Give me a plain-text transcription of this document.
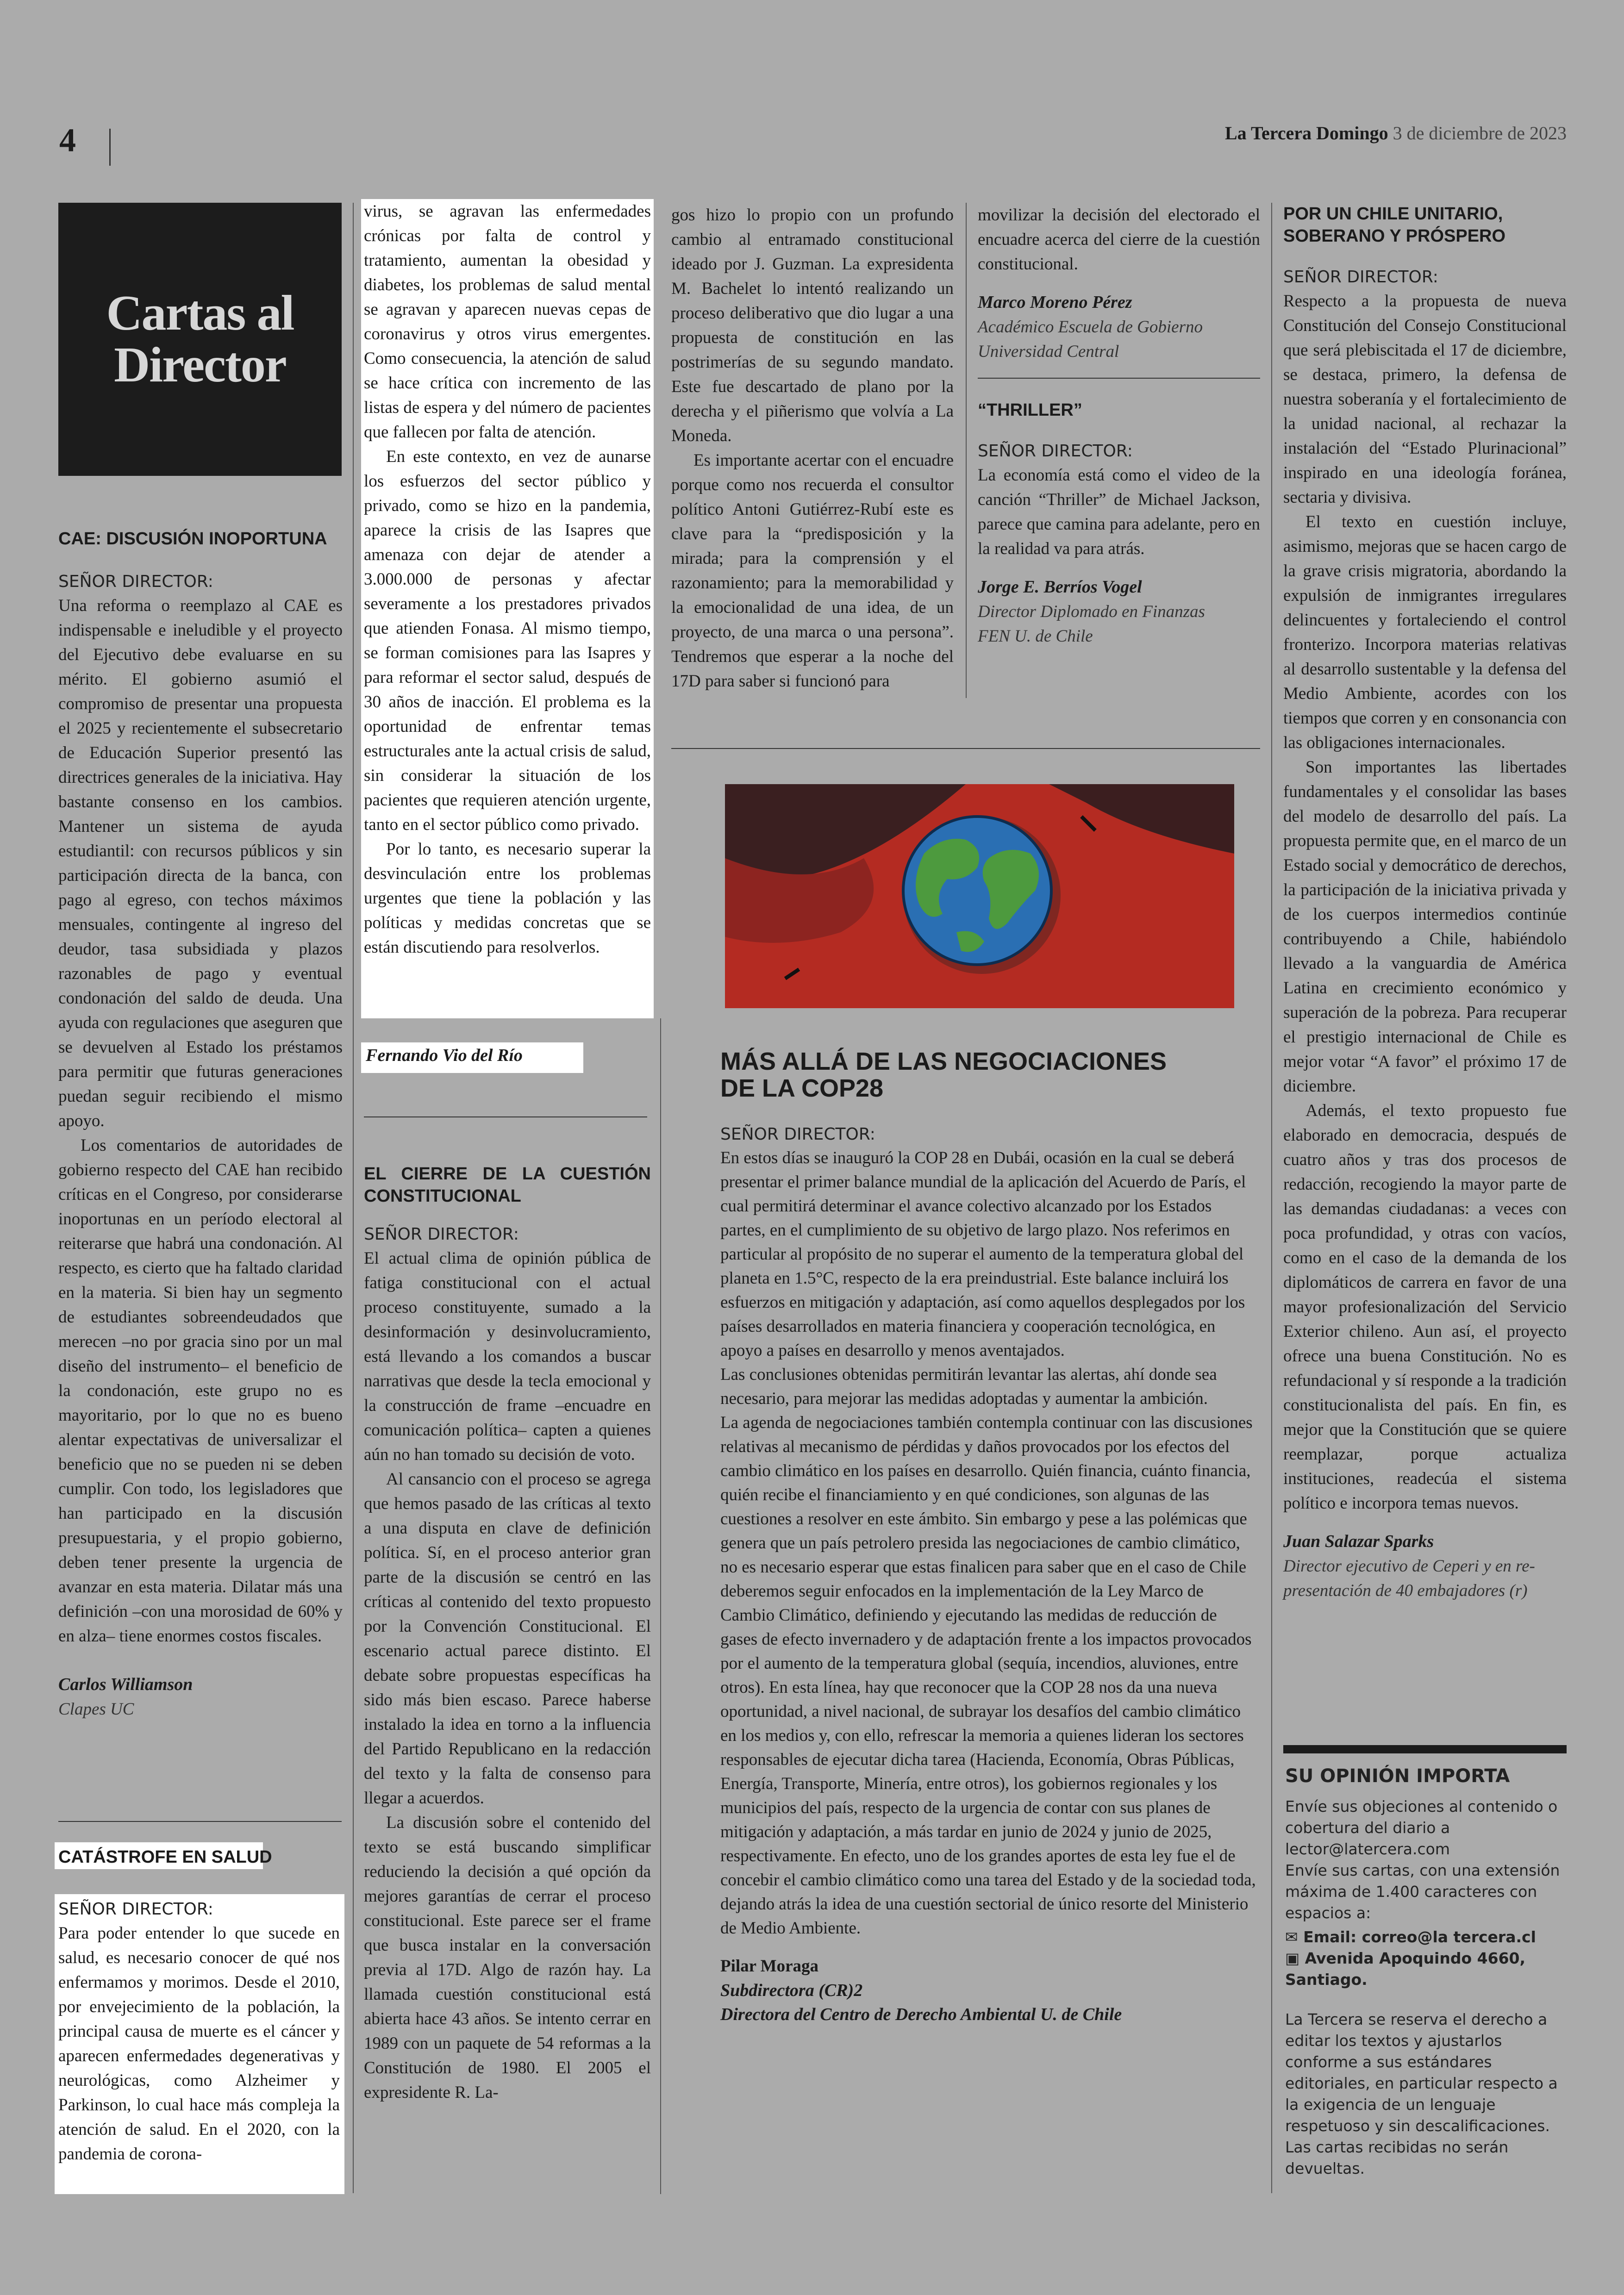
4	La Tercera Domingo 3 de diciembre de 2023
Cartas al
Director
CAE: DISCUSIÓN INOPORTUNA
SEÑOR DIRECTOR:

Una reforma o reemplazo al CAE es indispensable e ineludible y el proyecto del Ejecutivo debe evaluarse en su mérito. El gobierno asumió el compromiso de presentar una propuesta el 2025 y recientemente el subsecretario de Educación Superior presentó las directrices generales de la iniciativa. Hay bastante consenso en los cambios. Mantener un sistema de ayuda estudiantil: con recursos públicos y sin participación directa de la banca, con pago al egreso, con techos máximos mensuales, contingente al ingreso del deudor, tasa subsidiada y plazos razonables de pago y eventual condonación del saldo de deuda. Una ayuda con regulaciones que aseguren que se devuelven al Estado los préstamos para permitir que futuras generaciones puedan seguir recibiendo el mismo apoyo.

Los comentarios de autoridades de gobierno respecto del CAE han recibido críticas en el Congreso, por considerarse inoportunas en un período electoral al reiterarse que habrá una condonación. Al respecto, es cierto que ha faltado claridad en la materia. Si bien hay un segmento de estudiantes sobreendeudados que merecen –no por gracia sino por un mal diseño del instrumento– el beneficio de la condonación, este grupo no es mayoritario, por lo que no es bueno alentar expectativas de universalizar el beneficio que no se pueden ni se deben cumplir. Con todo, los legisladores que han participado en la discusión presupuestaria, y el propio gobierno, deben tener presente la urgencia de avanzar en esta materia. Dilatar más una definición –con una morosidad de 60% y en alza– tiene enormes costos fiscales.

Carlos Williamson
Clapes UC
CATÁSTROFE EN SALUD
SEÑOR DIRECTOR:

Para poder entender lo que sucede en salud, es necesario conocer de qué nos enfermamos y morimos. Desde el 2010, por envejecimiento de la población, la principal causa de muerte es el cáncer y aparecen enfermedades degenerativas y neurológicas, como Alzheimer y Parkinson, lo cual hace más compleja la atención de salud. En el 2020, con la pandemia de corona-

virus, se agravan las enfermedades crónicas por falta de control y tratamiento, aumentan la obesidad y diabetes, los problemas de salud mental se agravan y aparecen nuevas cepas de coronavirus y otros virus emergentes. Como consecuencia, la atención de salud se hace crítica con incremento de las listas de espera y del número de pacientes que fallecen por falta de atención.

En este contexto, en vez de aunarse los esfuerzos del sector público y privado, como se hizo en la pandemia, aparece la crisis de las Isapres que amenaza con dejar de atender a 3.000.000 de personas y afectar severamente a los prestadores privados que atienden Fonasa. Al mismo tiempo, se forman comisiones para las Isapres y para reformar el sector salud, después de 30 años de inacción. El problema es la oportunidad de enfrentar temas estructurales ante la actual crisis de salud, sin considerar la situación de los pacientes que requieren atención urgente, tanto en el sector público como privado.

Por lo tanto, es necesario superar la desvinculación entre los problemas urgentes que tiene la población y las políticas y medidas concretas que se están discutiendo para resolverlos.

Fernando Vio del Río
EL CIERRE DE LA CUESTIÓN CONSTITUCIONAL
SEÑOR DIRECTOR:

El actual clima de opinión pública de fatiga constitucional con el actual proceso constituyente, sumado a la desinformación y desinvolucramiento, está llevando a los comandos a buscar narrativas que desde la tecla emocional y la construcción de frame –encuadre en comunicación política– capten a quienes aún no han tomado su decisión de voto.

Al cansancio con el proceso se agrega que hemos pasado de las críticas al texto a una disputa en clave de definición política. Sí, en el proceso anterior gran parte de la discusión se centró en las críticas al contenido del texto propuesto por la Convención Constitucional. El escenario actual parece distinto. El debate sobre propuestas específicas ha sido más bien escaso. Parece haberse instalado la idea en torno a la influencia del Partido Republicano en la redacción del texto y la falta de consenso para llegar a acuerdos.

La discusión sobre el contenido del texto se está buscando simplificar reduciendo la decisión a qué opción da mejores garantías de cerrar el proceso constitucional. Este parece ser el frame que busca instalar en la conversación previa al 17D. Algo de razón hay. La llamada cuestión constitucional está abierta hace 43 años. Se intento cerrar en 1989 con un paquete de 54 reformas a la Constitución de 1980. El 2005 el expresidente R. La-

gos hizo lo propio con un profundo cambio al entramado constitucional ideado por J. Guzman. La expresidenta M. Bachelet lo intentó realizando un proceso deliberativo que dio lugar a una propuesta de constitución en las postrimerías de su segundo mandato. Este fue descartado de plano por la derecha y el piñerismo que volvía a La Moneda.

Es importante acertar con el encuadre porque como nos recuerda el consultor político Antoni Gutiérrez-Rubí este es clave para la “predisposición y la mirada; para la comprensión y el razonamiento; para la memorabilidad y la emocionalidad de una idea, de un proyecto, de una marca o una persona”. Tendremos que esperar a la noche del 17D para saber si funcionó para

movilizar la decisión del electorado el encuadre acerca del cierre de la cuestión constitucional.

Marco Moreno Pérez
Académico Escuela de Gobierno
Universidad Central
“THRILLER”
SEÑOR DIRECTOR:

La economía está como el video de la canción “Thriller” de Michael Jackson, parece que camina para adelante, pero en la realidad va para atrás.

Jorge E. Berríos Vogel
Director Diplomado en Finanzas
FEN U. de Chile
MÁS ALLÁ DE LAS NEGOCIACIONES
DE LA COP28
SEÑOR DIRECTOR:

En estos días se inauguró la COP 28 en Dubái, ocasión en la cual se deberá presentar el primer balance mundial de la aplicación del Acuerdo de París, el cual permitirá determinar el avance colectivo alcanzado por los Estados partes, en el cumplimiento de su objetivo de largo plazo. Nos referimos en particular al propósito de no superar el aumento de la temperatura global del planeta en 1.5°C, respecto de la era preindustrial. Este balance incluirá los esfuerzos en mitigación y adaptación, así como aquellos desplegados por los países desarrollados en materia financiera y cooperación tecnológica, en apoyo a países en desarrollo y menos aventajados.

Las conclusiones obtenidas permitirán levantar las alertas, ahí donde sea necesario, para mejorar las medidas adoptadas y aumentar la ambición.

La agenda de negociaciones también contempla continuar con las discusiones relativas al mecanismo de pérdidas y daños provocados por los efectos del cambio climático en los países en desarrollo. Quién financia, cuánto financia, quién recibe el financiamiento y en qué condiciones, son algunas de las cuestiones a resolver en este ámbito. Sin embargo y pese a las polémicas que genera que un país petrolero presida las negociaciones de cambio climático, no es necesario esperar que estas finalicen para saber que en el caso de Chile deberemos seguir enfocados en la implementación de la Ley Marco de Cambio Climático, definiendo y ejecutando las medidas de reducción de gases de efecto invernadero y de adaptación frente a los impactos provocados por el aumento de la temperatura global (sequía, incendios, aluviones, entre otros). En esta línea, hay que reconocer que la COP 28 nos da una nueva oportunidad, a nivel nacional, de subrayar los desafíos del cambio climático en los medios y, con ello, refrescar la memoria a quienes lideran los sectores responsables de ejecutar dicha tarea (Hacienda, Economía, Obras Públicas, Energía, Transporte, Minería, entre otros), los gobiernos regionales y los municipios del país, respecto de la urgencia de contar con sus planes de mitigación y adaptación, a más tardar en junio de 2024 y junio de 2025, respectivamente. En efecto, uno de los grandes aportes de esta ley fue el de concebir el cambio climático como una tarea del Estado y de la sociedad toda, dejando atrás la idea de una cuestión sectorial de único resorte del Ministerio de Medio Ambiente.

Pilar Moraga
Subdirectora (CR)2
Directora del Centro de Derecho Ambiental U. de Chile
POR UN CHILE UNITARIO,
SOBERANO Y PRÓSPERO
SEÑOR DIRECTOR:

Respecto a la propuesta de nueva Constitución del Consejo Constitucional que será plebiscitada el 17 de diciembre, se destaca, primero, la defensa de nuestra soberanía y el fortalecimiento de la unidad nacional, al rechazar la instalación del “Estado Plurinacional” inspirado en una ideología foránea, sectaria y divisiva.

El texto en cuestión incluye, asimismo, mejoras que se hacen cargo de la grave crisis migratoria, abordando la expulsión de inmigrantes irregulares delincuentes y fortaleciendo el control fronterizo. Incorpora materias relativas al desarrollo sustentable y la defensa del Medio Ambiente, acordes con los tiempos que corren y en consonancia con las obligaciones internacionales.

Son importantes las libertades fundamentales y el consolidar las bases del modelo de desarrollo del país. La propuesta permite que, en el marco de un Estado social y democrático de derechos, la participación de la iniciativa privada y de los cuerpos intermedios continúe contribuyendo a Chile, habiéndolo llevado a la vanguardia de América Latina en crecimiento económico y superación de la pobreza. Para recuperar el prestigio internacional de Chile es mejor votar “A favor” el próximo 17 de diciembre.

Además, el texto propuesto fue elaborado en democracia, después de cuatro años y tras dos procesos de redacción, recogiendo la mayor parte de las demandas ciudadanas: a veces con poca profundidad, y otras con vacíos, como en el caso de la demanda de los diplomáticos de carrera en favor de una mayor profesionalización del Servicio Exterior chileno. Aun así, el proyecto ofrece una buena Constitución. No es refundacional y sí responde a la tradición constitucionalista del país. En fin, es mejor que la Constitución que se quiere reemplazar, porque actualiza instituciones, readecúa el sistema político e incorpora temas nuevos.

Juan Salazar Sparks
Director ejecutivo de Ceperi y en re-
presentación de 40 embajadores (r)
SU OPINIÓN IMPORTA
Envíe sus objeciones al contenido o cobertura del diario a
lector@latercera.com
Envíe sus cartas, con una extensión máxima de 1.400 caracteres con espacios a:
✉ Email: correo@la tercera.cl
▣ Avenida Apoquindo 4660, Santiago.
La Tercera se reserva el derecho a editar los textos y ajustarlos conforme a sus estándares editoriales, en particular respecto a la exigencia de un lenguaje respetuoso y sin descalificaciones. Las cartas recibidas no serán devueltas.
